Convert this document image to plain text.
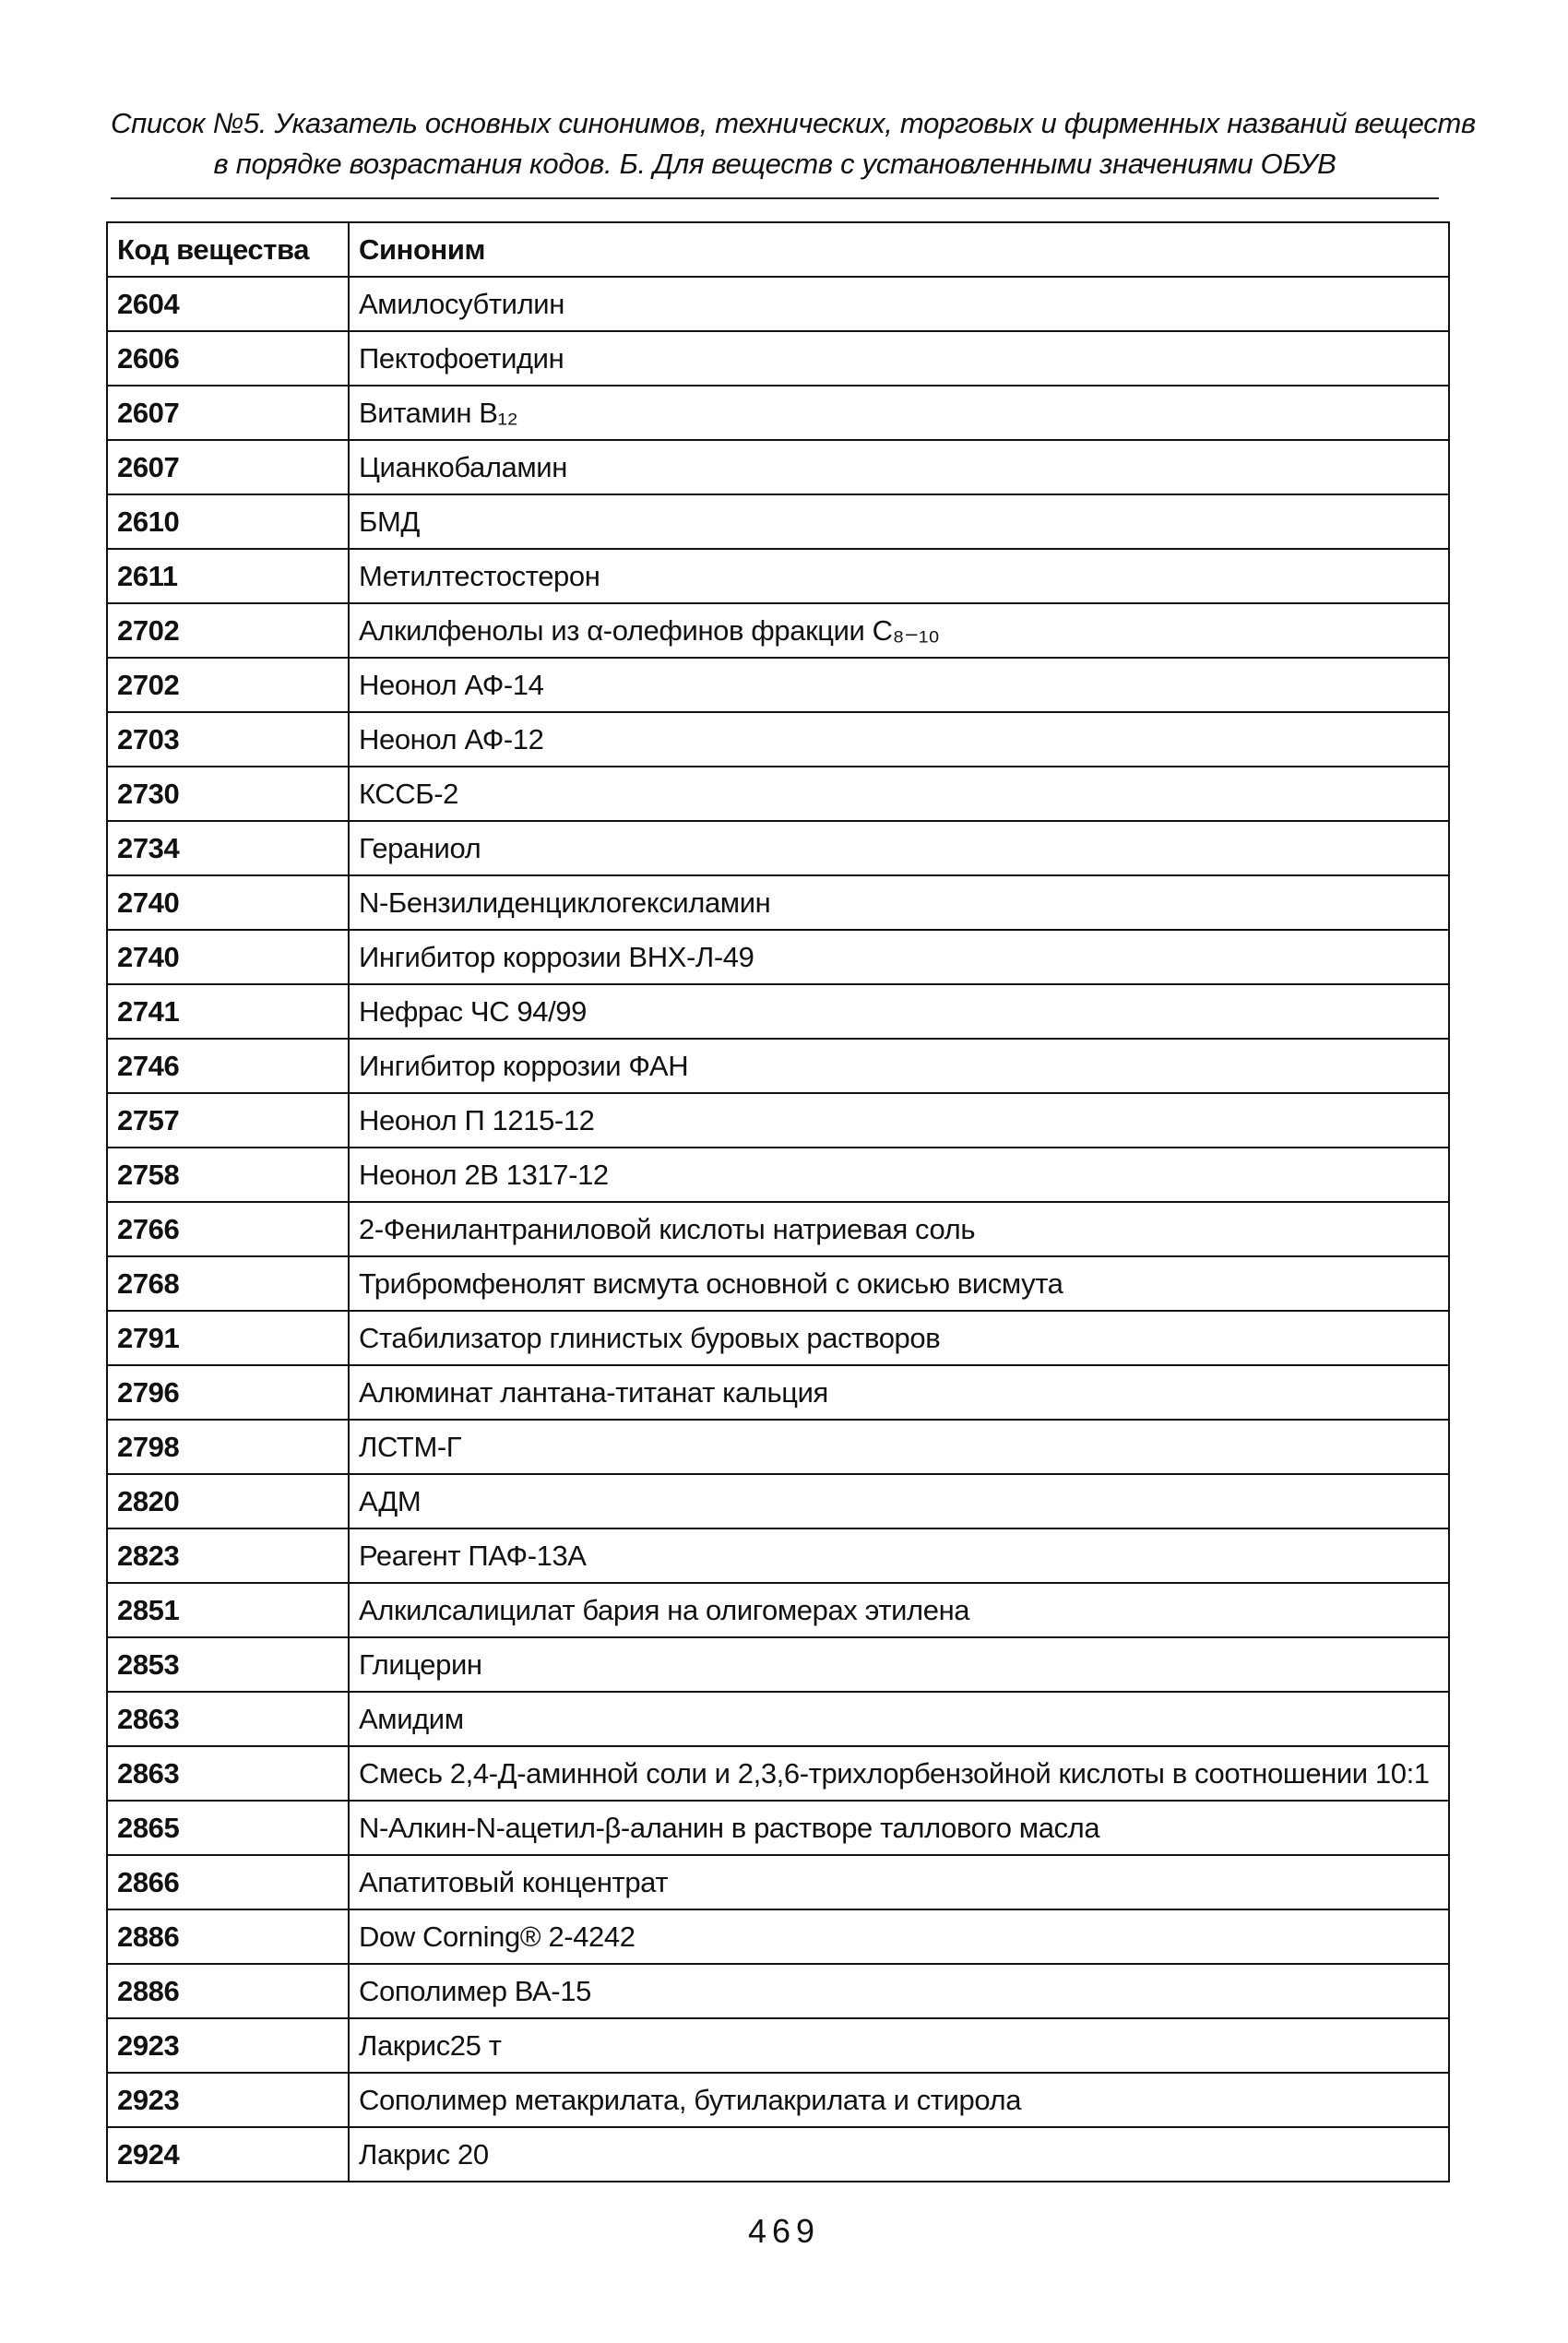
Список №5. Указатель основных синонимов, технических, торговых и фирменных названий веществ
в порядке возрастания кодов. Б. Для веществ с установленными значениями ОБУВ
Код вещества	Синоним
2604	Амилосубтилин
2606	Пектофоетидин
2607	Витамин B₁₂
2607	Цианкобаламин
2610	БМД
2611	Метилтестостерон
2702	Алкилфенолы из α-олефинов фракции С₈₋₁₀
2702	Неонол АФ-14
2703	Неонол АФ-12
2730	КССБ-2
2734	Гераниол
2740	N-Бензилиденциклогексиламин
2740	Ингибитор коррозии ВНХ-Л-49
2741	Нефрас ЧС 94/99
2746	Ингибитор коррозии ФАН
2757	Неонол П 1215-12
2758	Неонол 2В 1317-12
2766	2-Фенилантраниловой кислоты натриевая соль
2768	Трибромфенолят висмута основной с окисью висмута
2791	Стабилизатор глинистых буровых растворов
2796	Алюминат лантана-титанат кальция
2798	ЛСТМ-Г
2820	АДМ
2823	Реагент ПАФ-13А
2851	Алкилсалицилат бария на олигомерах этилена
2853	Глицерин
2863	Амидим
2863	Смесь 2,4-Д-аминной соли и 2,3,6-трихлорбензойной кислоты в соотношении 10:1
2865	N-Алкин-N-ацетил-β-аланин в растворе таллового масла
2866	Апатитовый концентрат
2886	Dow Corning® 2-4242
2886	Сополимер ВА-15
2923	Лакрис25 т
2923	Сополимер метакрилата, бутилакрилата и стирола
2924	Лакрис 20
469
